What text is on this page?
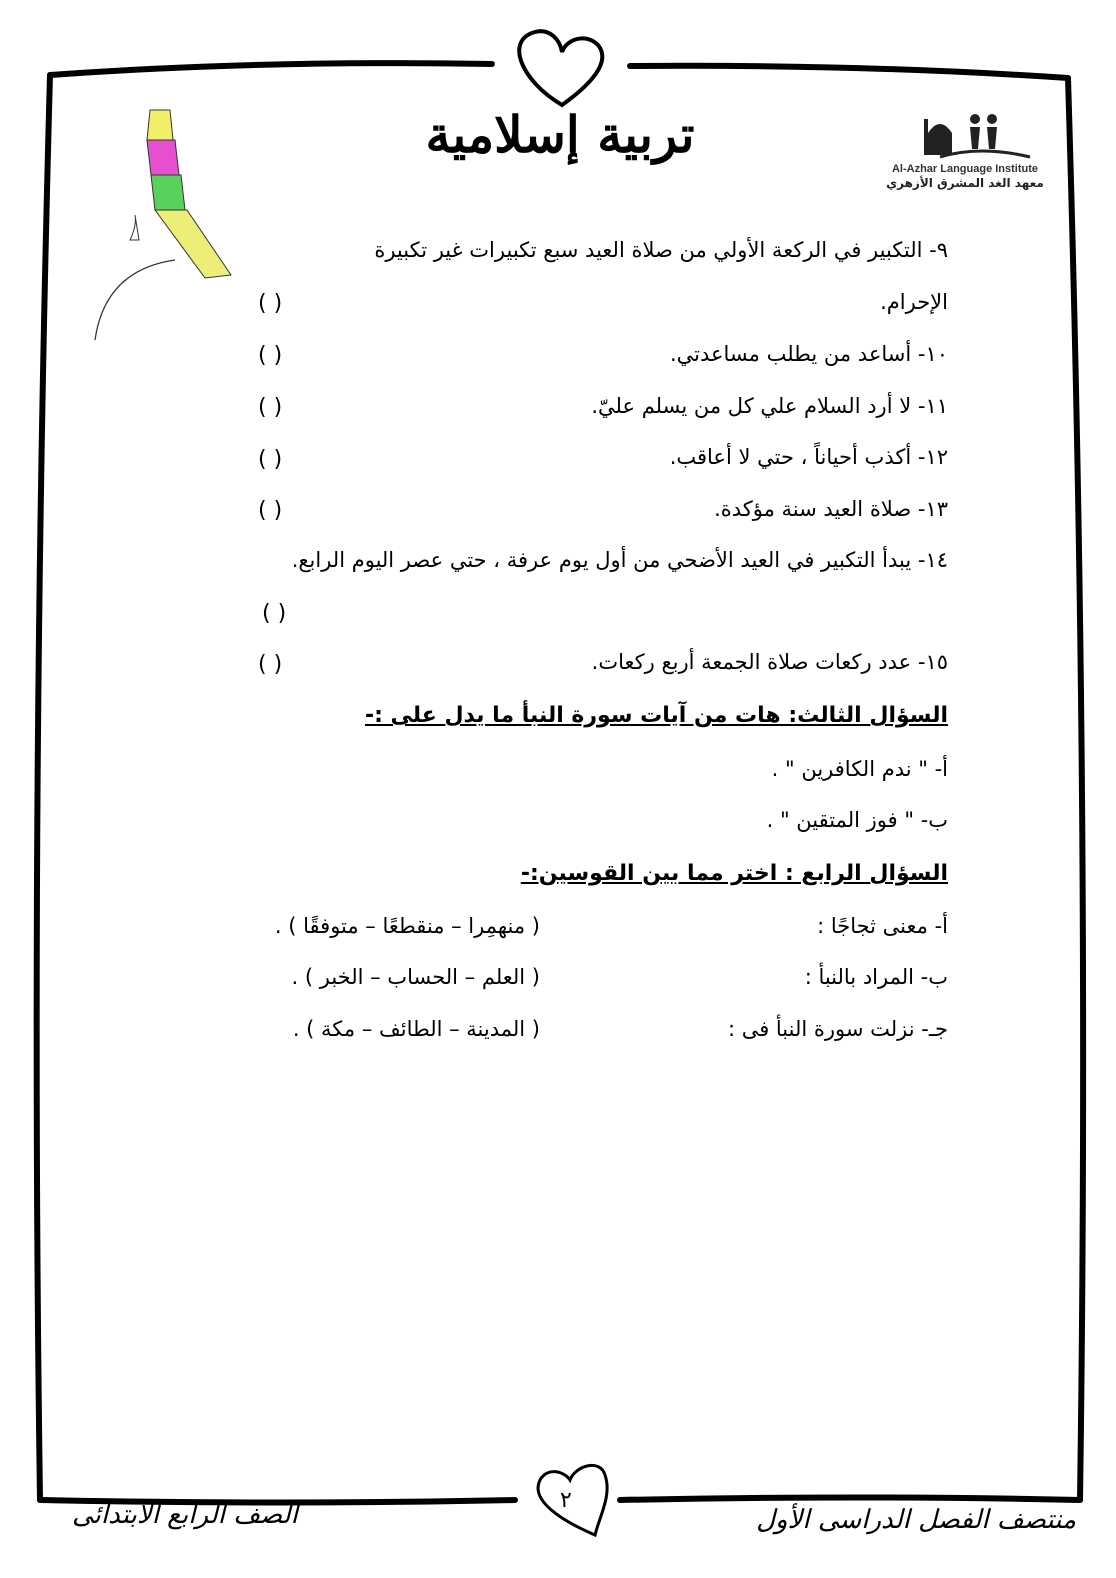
تربية إسلامية
Al-Azhar Language Institute
معهد الغد المشرق الأزهري
٩- التكبير في الركعة الأولي من صلاة العيد سبع تكبيرات غير تكبيرة
الإحرام.
( )
١٠- أساعد من يطلب مساعدتي.
( )
١١- لا أرد السلام علي كل من يسلم عليّ.
( )
١٢- أكذب أحياناً ، حتي لا أعاقب.
( )
١٣- صلاة العيد سنة مؤكدة.
( )
١٤- يبدأ التكبير في العيد الأضحي من أول يوم عرفة ، حتي عصر اليوم الرابع.
( )
١٥- عدد ركعات صلاة الجمعة أربع ركعات.
( )
السؤال الثالث: هات من آيات سورة النبأ ما يدل على :-
أ- " ندم الكافرين " .
ب- " فوز المتقين " .
السؤال الرابع : اختر مما بين القوسين:-
أ- معنى ثجاجًا :
( منهمِرا – منقطعًا – متوفقًا ) .
ب- المراد بالنبأ :
( العلم – الحساب – الخبر ) .
جـ- نزلت سورة النبأ فى :
( المدينة – الطائف – مكة ) .
منتصف الفصل الدراسى الأول
الصف الرابع الابتدائى	٢
